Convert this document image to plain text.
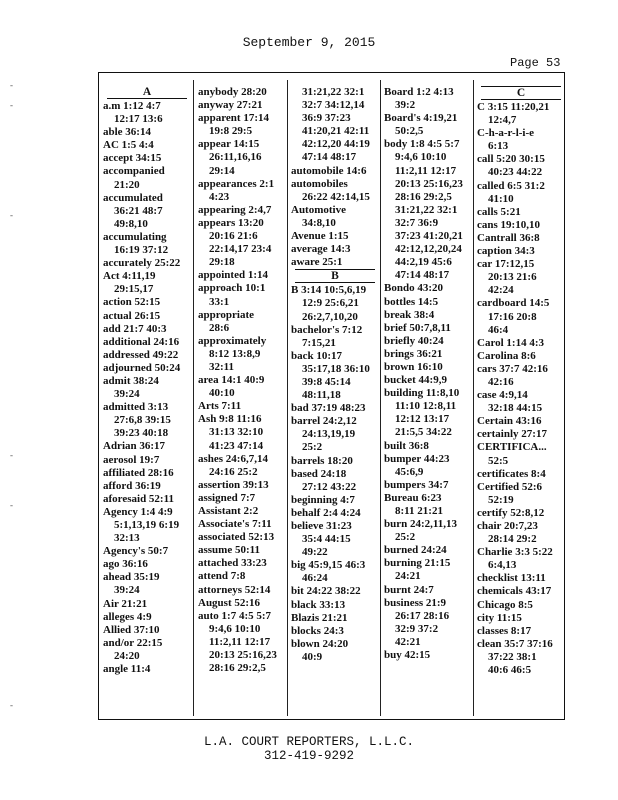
September 9, 2015
Page 53
-
-
-
-
-
-
A
a.m 1:12 4:7
12:17 13:6
able 36:14
AC 1:5 4:4
accept 34:15
accompanied
21:20
accumulated
36:21 48:7
49:8,10
accumulating
16:19 37:12
accurately 25:22
Act 4:11,19
29:15,17
action 52:15
actual 26:15
add 21:7 40:3
additional 24:16
addressed 49:22
adjourned 50:24
admit 38:24
39:24
admitted 3:13
27:6,8 39:15
39:23 40:18
Adrian 36:17
aerosol 19:7
affiliated 28:16
afford 36:19
aforesaid 52:11
Agency 1:4 4:9
5:1,13,19 6:19
32:13
Agency's 50:7
ago 36:16
ahead 35:19
39:24
Air 21:21
alleges 4:9
Allied 37:10
and/or 22:15
24:20
angle 11:4
anybody 28:20
anyway 27:21
apparent 17:14
19:8 29:5
appear 14:15
26:11,16,16
29:14
appearances 2:1
4:23
appearing 2:4,7
appears 13:20
20:16 21:6
22:14,17 23:4
29:18
appointed 1:14
approach 10:1
33:1
appropriate
28:6
approximately
8:12 13:8,9
32:11
area 14:1 40:9
40:10
Arts 7:11
Ash 9:8 11:16
31:13 32:10
41:23 47:14
ashes 24:6,7,14
24:16 25:2
assertion 39:13
assigned 7:7
Assistant 2:2
Associate's 7:11
associated 52:13
assume 50:11
attached 33:23
attend 7:8
attorneys 52:14
August 52:16
auto 1:7 4:5 5:7
9:4,6 10:10
11:2,11 12:17
20:13 25:16,23
28:16 29:2,5
31:21,22 32:1
32:7 34:12,14
36:9 37:23
41:20,21 42:11
42:12,20 44:19
47:14 48:17
automobile 14:6
automobiles
26:22 42:14,15
Automotive
34:8,10
Avenue 1:15
average 14:3
aware 25:1
B
B 3:14 10:5,6,19
12:9 25:6,21
26:2,7,10,20
bachelor's 7:12
7:15,21
back 10:17
35:17,18 36:10
39:8 45:14
48:11,18
bad 37:19 48:23
barrel 24:2,12
24:13,19,19
25:2
barrels 18:20
based 24:18
27:12 43:22
beginning 4:7
behalf 2:4 4:24
believe 31:23
35:4 44:15
49:22
big 45:9,15 46:3
46:24
bit 24:22 38:22
black 33:13
Blazis 21:21
blocks 24:3
blown 24:20
40:9
Board 1:2 4:13
39:2
Board's 4:19,21
50:2,5
body 1:8 4:5 5:7
9:4,6 10:10
11:2,11 12:17
20:13 25:16,23
28:16 29:2,5
31:21,22 32:1
32:7 36:9
37:23 41:20,21
42:12,12,20,24
44:2,19 45:6
47:14 48:17
Bondo 43:20
bottles 14:5
break 38:4
brief 50:7,8,11
briefly 40:24
brings 36:21
brown 16:10
bucket 44:9,9
building 11:8,10
11:10 12:8,11
12:12 13:17
21:5,5 34:22
built 36:8
bumper 44:23
45:6,9
bumpers 34:7
Bureau 6:23
8:11 21:21
burn 24:2,11,13
25:2
burned 24:24
burning 21:15
24:21
burnt 24:7
business 21:9
26:17 28:16
32:9 37:2
42:21
buy 42:15
C
C 3:15 11:20,21
12:4,7
C-h-a-r-l-i-e
6:13
call 5:20 30:15
40:23 44:22
called 6:5 31:2
41:10
calls 5:21
cans 19:10,10
Cantrall 36:8
caption 34:3
car 17:12,15
20:13 21:6
42:24
cardboard 14:5
17:16 20:8
46:4
Carol 1:14 4:3
Carolina 8:6
cars 37:7 42:16
42:16
case 4:9,14
32:18 44:15
Certain 43:16
certainly 27:17
CERTIFICA...
52:5
certificates 8:4
Certified 52:6
52:19
certify 52:8,12
chair 20:7,23
28:14 29:2
Charlie 3:3 5:22
6:4,13
checklist 13:11
chemicals 43:17
Chicago 8:5
city 11:15
classes 8:17
clean 35:7 37:16
37:22 38:1
40:6 46:5
L.A. COURT REPORTERS, L.L.C.
312-419-9292
